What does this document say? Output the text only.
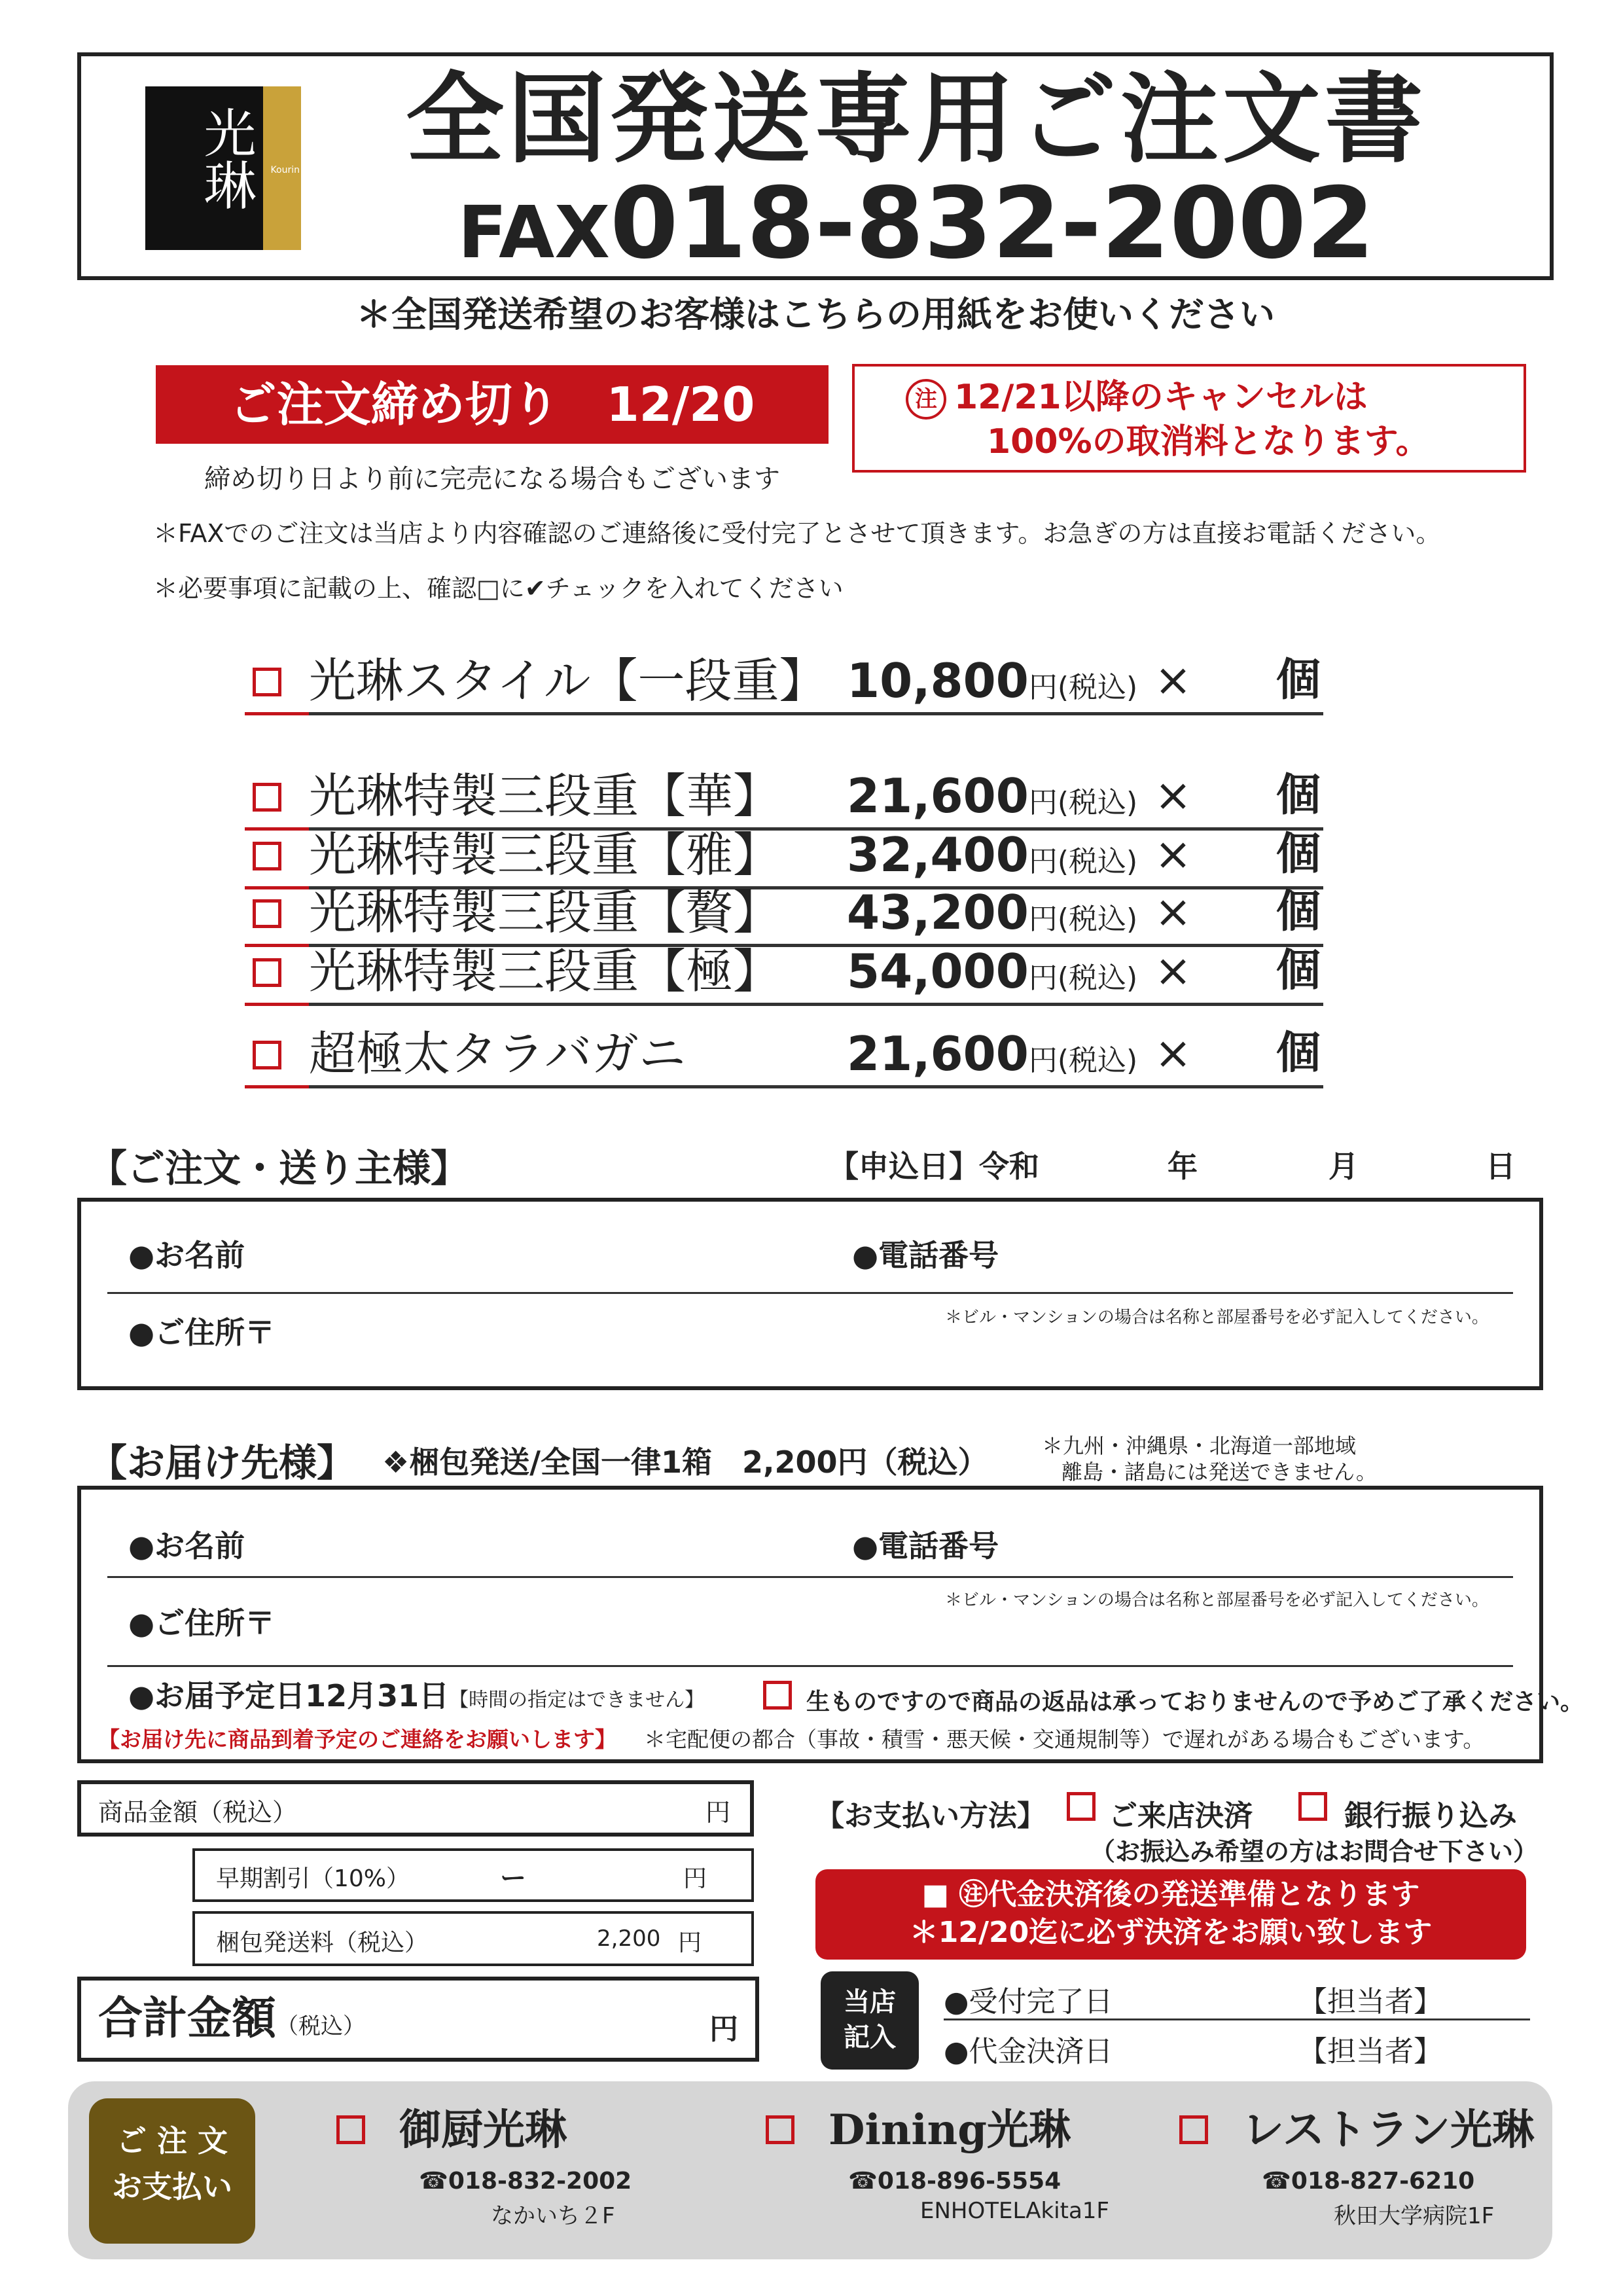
光琳 Kourin	全国発送専用ご注文書
FAX018-832-2002
＊全国発送希望のお客様はこちらの用紙をお使いください
ご注文締め切り　12/20
締め切り日より前に完売になる場合もございます
注 12/21以降のキャンセルは
100%の取消料となります。
＊FAXでのご注文は当店より内容確認のご連絡後に受付完了とさせて頂きます。お急ぎの方は直接お電話ください。
＊必要事項に記載の上、確認□に✔チェックを入れてください
光琳スタイル【一段重】 10,800円(税込) × 個
光琳特製三段重【華】 21,600円(税込) × 個
光琳特製三段重【雅】 32,400円(税込) × 個
光琳特製三段重【贅】 43,200円(税込) × 個
光琳特製三段重【極】 54,000円(税込) × 個
超極太タラバガニ	21,600円(税込) × 個
【ご注文・送り主様】	【申込日】令和	年	月	日
●お名前	●電話番号
●ご住所〒	＊ビル・マンションの場合は名称と部屋番号を必ず記入してください。
【お届け先様】 ❖梱包発送/全国一律1箱　2,200円（税込）	＊九州・沖縄県・北海道一部地域
離島・諸島には発送できません。
●お名前	●電話番号
●ご住所〒
＊ビル・マンションの場合は名称と部屋番号を必ず記入してください。
●お届予定日12月31日【時間の指定はできません】	生ものですので商品の返品は承っておりませんので予めご了承ください。
【お届け先に商品到着予定のご連絡をお願いします】 ＊宅配便の都合（事故・積雪・悪天候・交通規制等）で遅れがある場合もございます。
商品金額（税込）	円
早期割引（10%）	ー	円
梱包発送料（税込）	2,200 円
合計金額（税込）	円
【お支払い方法】 ご来店決済	銀行振り込み
（お振込み希望の方はお問合せ下さい）
■ ㊟代金決済後の発送準備となります
＊12/20迄に必ず決済をお願い致します
当店
記入
●受付完了日	【担当者】
●代金決済日	【担当者】
ご 注 文
お支払い
御厨光琳
☎018-832-2002
なかいち２F
Dining光琳
☎018-896-5554
ENHOTELAkita1F
レストラン光琳
☎018-827-6210
秋田大学病院1F
